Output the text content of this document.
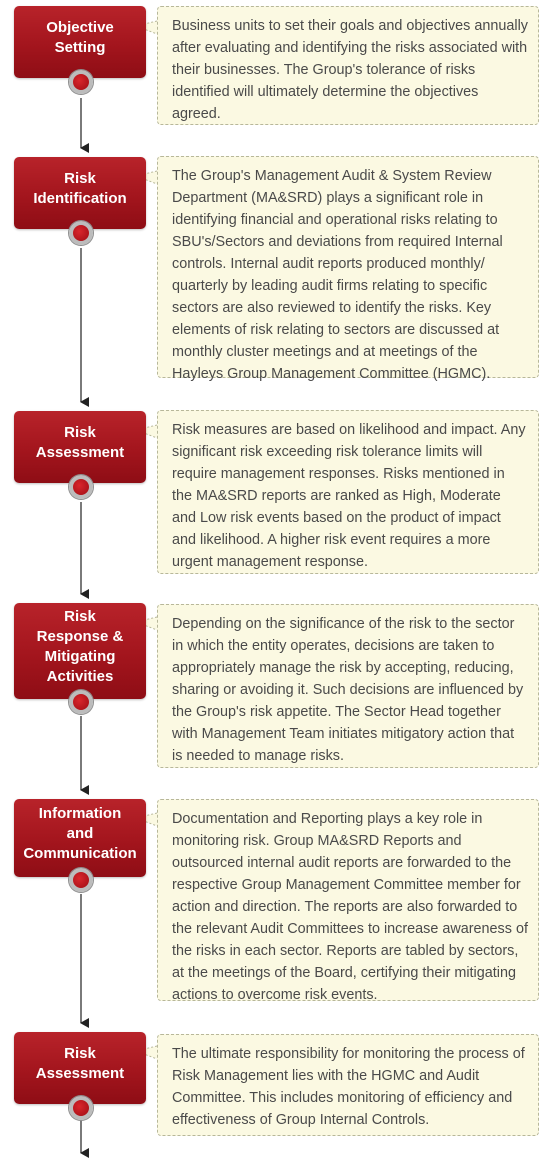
Objective
Setting

Business units to set their goals and objectives annually after evaluating and identifying the risks associated with their businesses. The Group's tolerance of risks identified will ultimately determine the objectives agreed.

Risk
Identification

The Group's Management Audit & System Review Department (MA&SRD) plays a significant role in identifying financial and operational risks relating to SBU's/Sectors and deviations from required Internal controls. Internal audit reports produced monthly/ quarterly by leading audit firms relating to specific sectors are also reviewed to identify the risks. Key elements of risk relating to sectors are discussed at monthly cluster meetings and at meetings of the Hayleys Group Management Committee (HGMC).

Risk
Assessment

Risk measures are based on likelihood and impact. Any significant risk exceeding risk tolerance limits will require management responses. Risks mentioned in the MA&SRD reports are ranked as High, Moderate and Low risk events based on the product of impact and likelihood. A higher risk event requires a more urgent management response.

Risk
Response &
Mitigating
Activities

Depending on the significance of the risk to the sector in which the entity operates, decisions are taken to appropriately manage the risk by accepting, reducing, sharing or avoiding it. Such decisions are influenced by the Group's risk appetite. The Sector Head together with Management Team initiates mitigatory action that is needed to manage risks.

Information
and
Communication

Documentation and Reporting plays a key role in monitoring risk. Group MA&SRD Reports and outsourced internal audit reports are forwarded to the respective Group Management Committee member for action and direction. The reports are also forwarded to the relevant Audit Committees to increase awareness of the risks in each sector. Reports are tabled by sectors, at the meetings of the Board, certifying their mitigating actions to overcome risk events.

Risk
Assessment

The ultimate responsibility for monitoring the process of Risk Management lies with the HGMC and Audit Committee. This includes monitoring of efficiency and effectiveness of Group Internal Controls.
